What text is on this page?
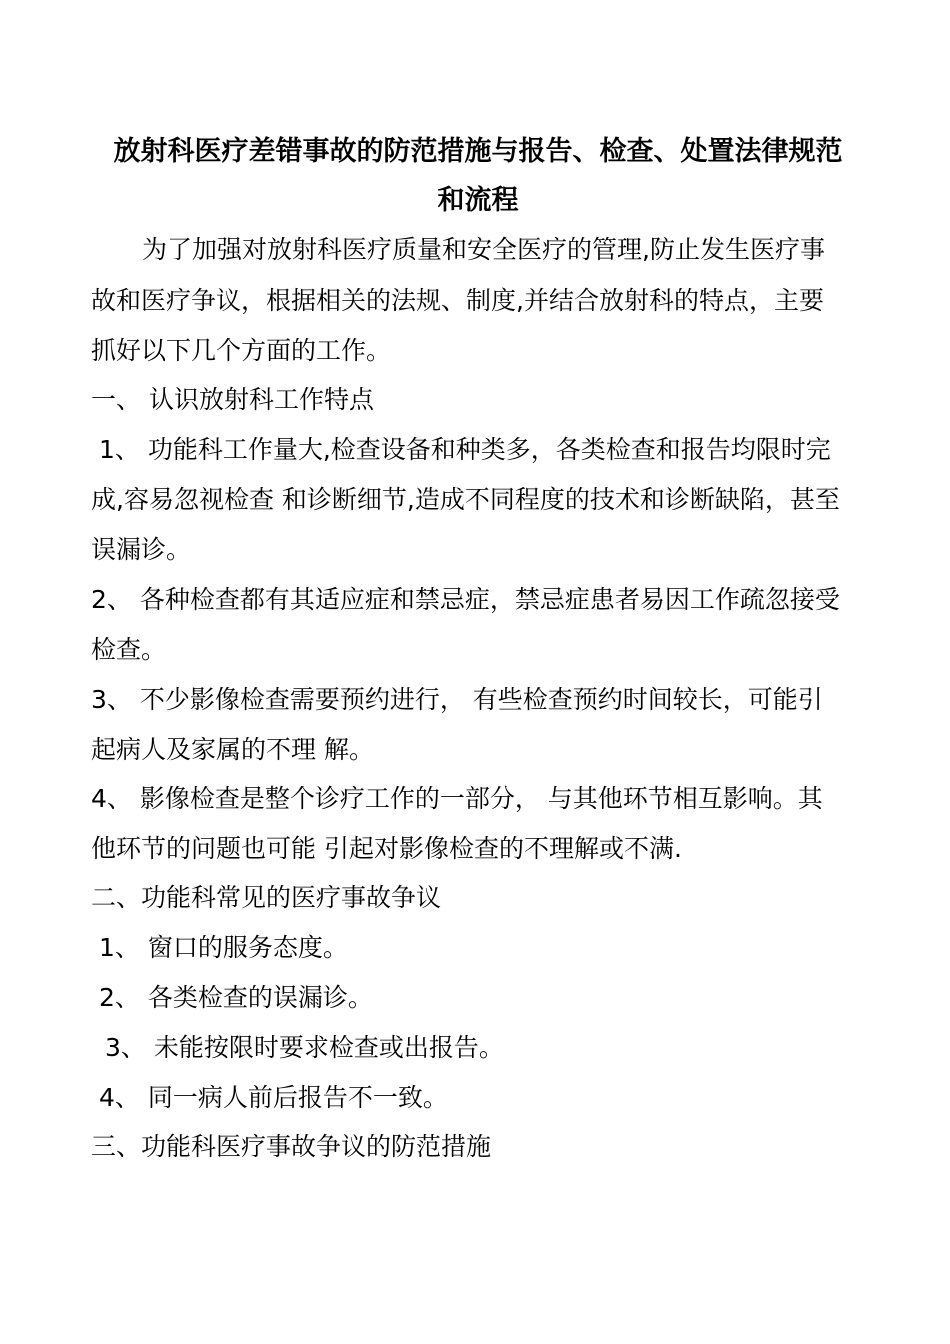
放射科医疗差错事故的防范措施与报告、检查、处置法律规范
和流程
为了加强对放射科医疗质量和安全医疗的管理,防止发生医疗事
故和医疗争议，根据相关的法规、制度,并结合放射科的特点，主要
抓好以下几个方面的工作。
一、 认识放射科工作特点
1、 功能科工作量大,检查设备和种类多，各类检查和报告均限时完
成,容易忽视检查 和诊断细节,造成不同程度的技术和诊断缺陷，甚至
误漏诊。
2、 各种检查都有其适应症和禁忌症，禁忌症患者易因工作疏忽接受
检查。
3、 不少影像检查需要预约进行， 有些检查预约时间较长，可能引
起病人及家属的不理 解。
4、 影像检查是整个诊疗工作的一部分， 与其他环节相互影响。其
他环节的问题也可能 引起对影像检查的不理解或不满.
二、功能科常见的医疗事故争议
1、 窗口的服务态度。
2、 各类检查的误漏诊。
3、 未能按限时要求检查或出报告。
4、 同一病人前后报告不一致。
三、功能科医疗事故争议的防范措施
